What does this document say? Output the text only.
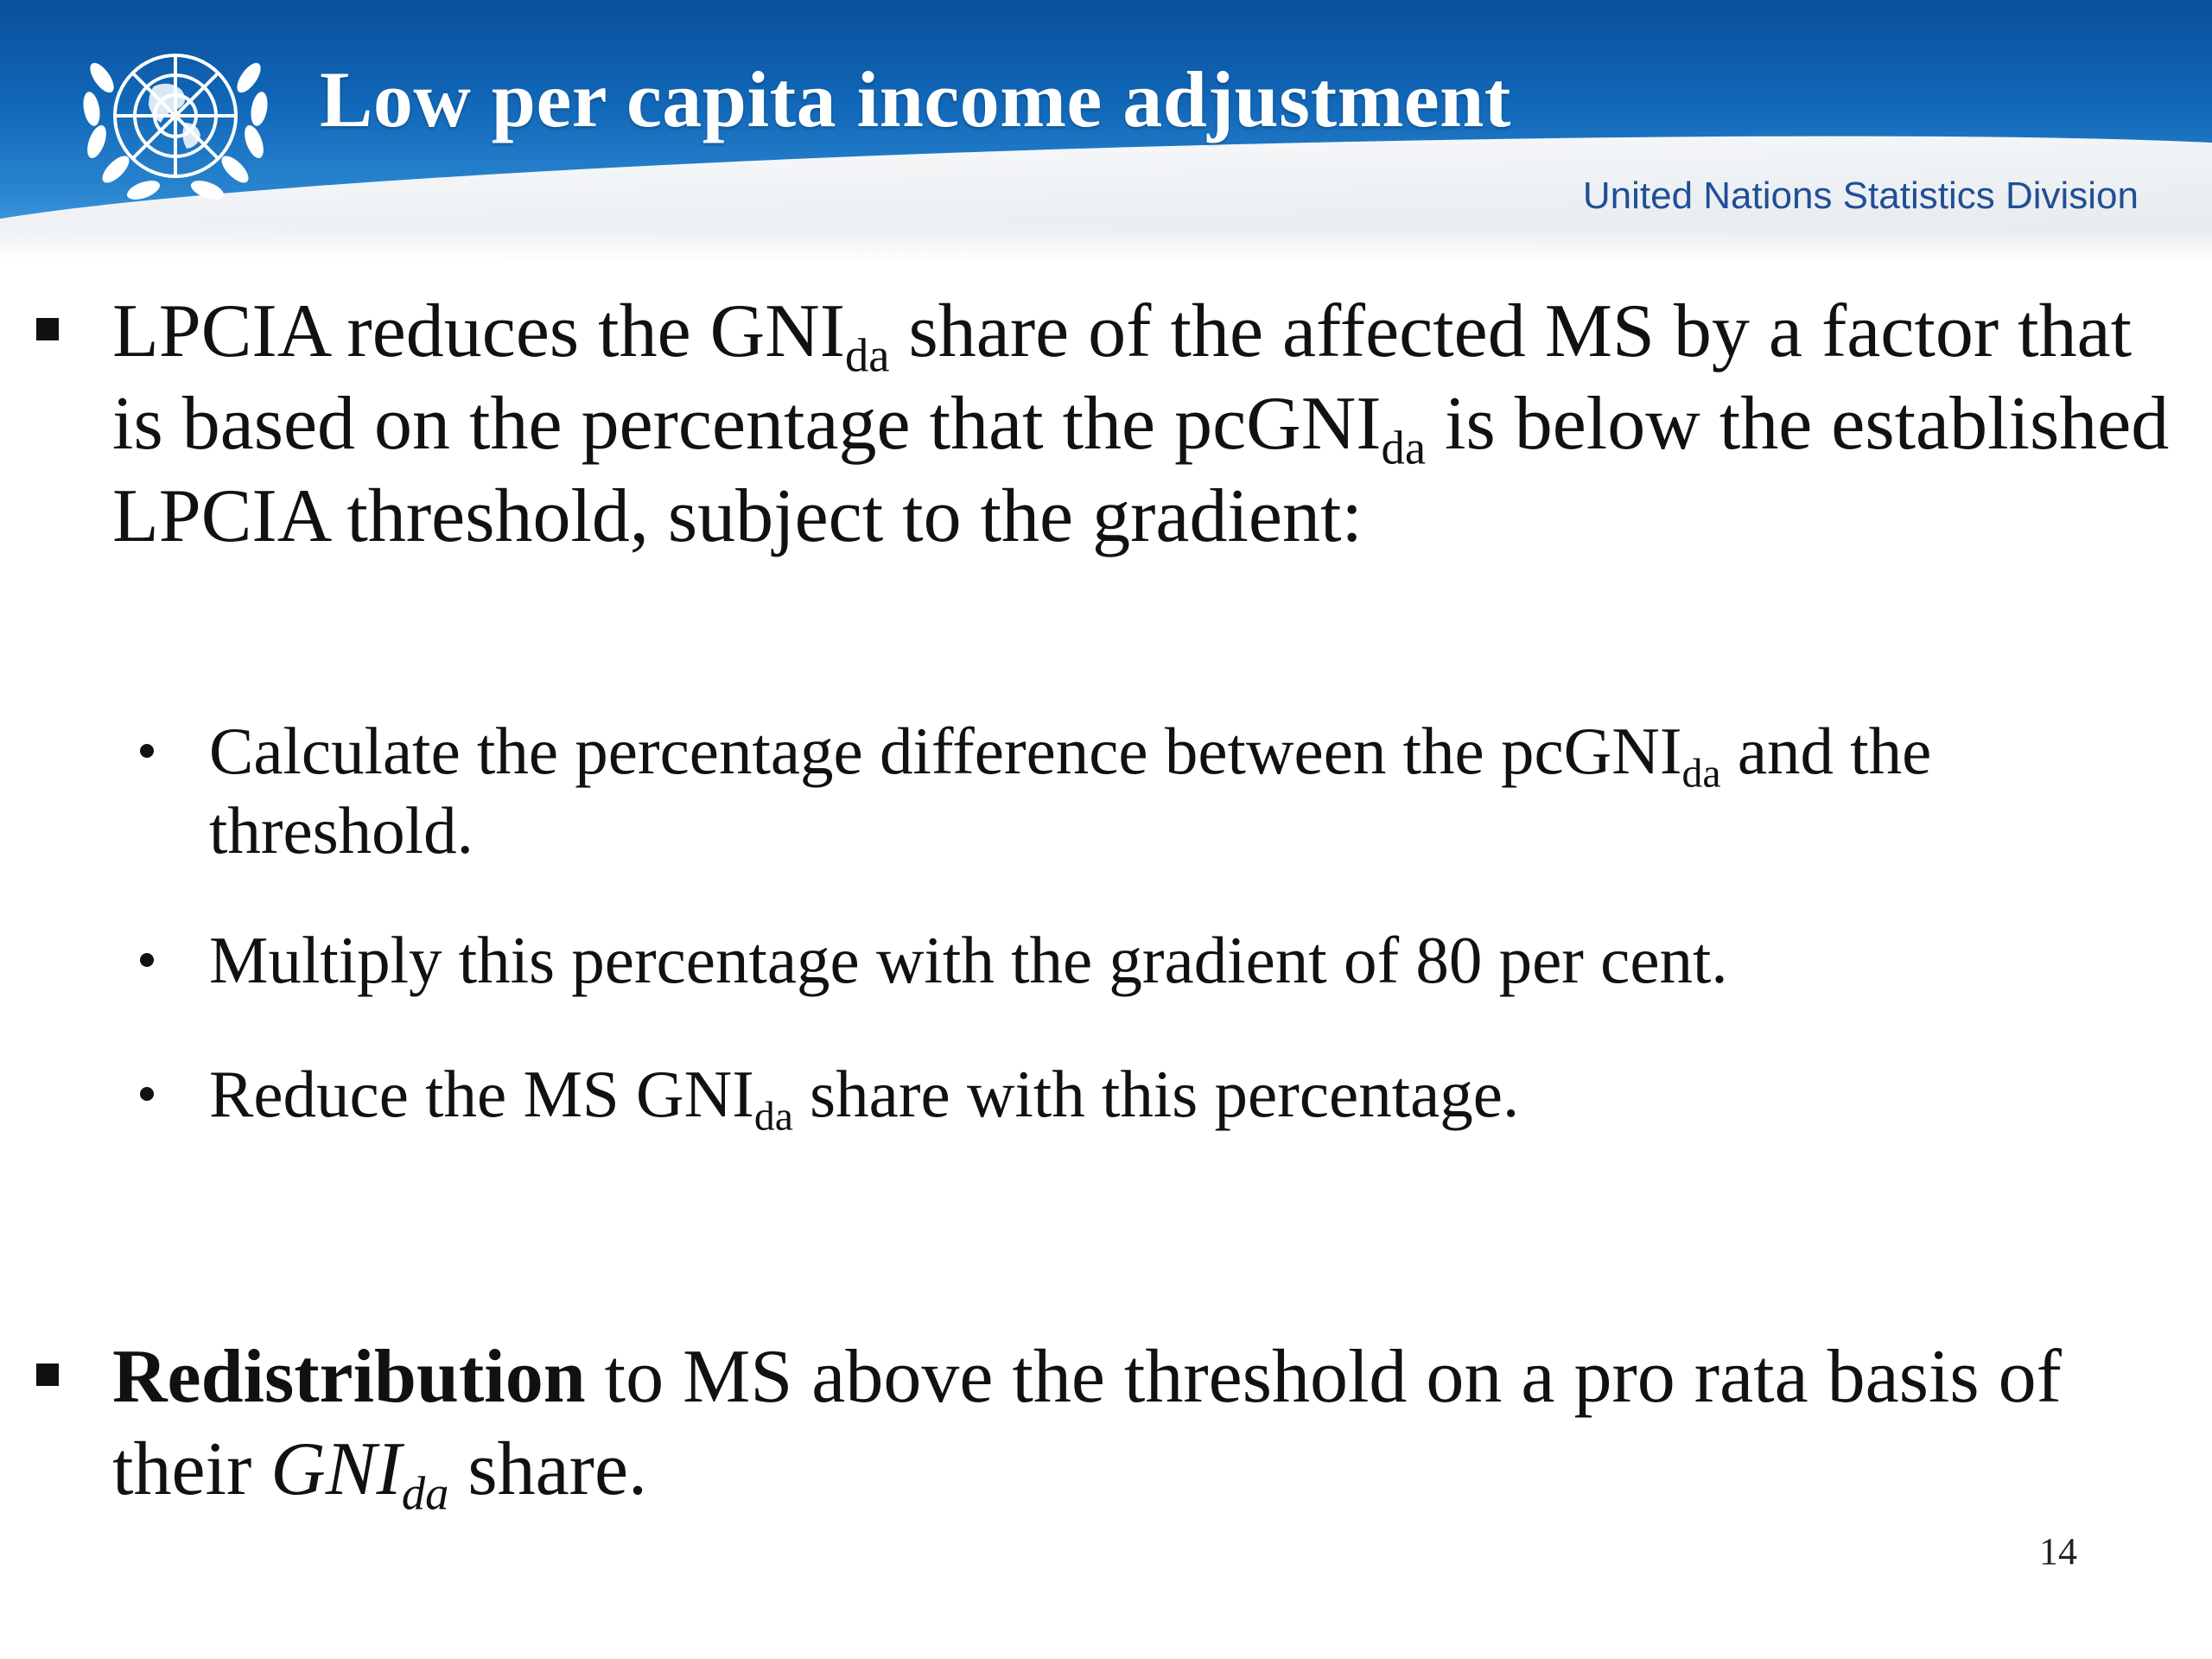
Low per capita income adjustment
United Nations Statistics Division
LPCIA reduces the $GNI_{da}$ share of the affected MS by a factor that is based on the percentage that the pcGNI$_{da}$ is below the established LPCIA threshold, subject to the gradient:
Calculate the percentage difference between the pcGNI$_{da}$ and the threshold.
Multiply this percentage with the gradient of 80 per cent.
Reduce the MS $GNI_{da}$ share with this percentage.
Redistribution to MS above the threshold on a pro rata basis of their $GNI_{da}$ share.
14
